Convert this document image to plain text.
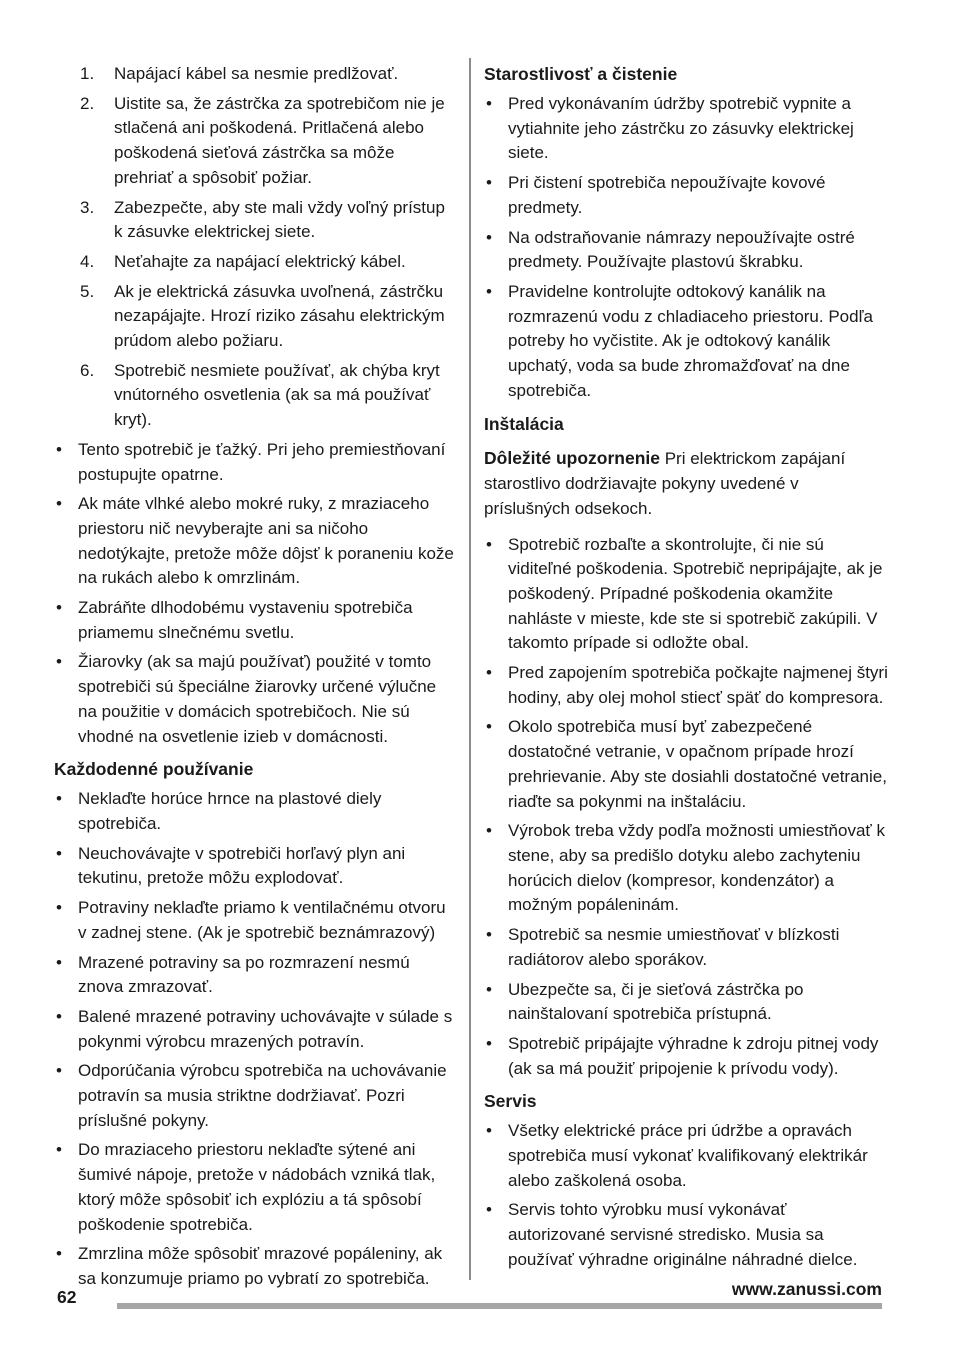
1. Napájací kábel sa nesmie predlžovať.
2. Uistite sa, že zástrčka za spotrebičom nie je stlačená ani poškodená. Pritlačená alebo poškodená sieťová zástrčka sa môže prehriať a spôsobiť požiar.
3. Zabezpečte, aby ste mali vždy voľný prístup k zásuvke elektrickej siete.
4. Neťahajte za napájací elektrický kábel.
5. Ak je elektrická zásuvka uvoľnená, zástrčku nezapájajte. Hrozí riziko zásahu elektrickým prúdom alebo požiaru.
6. Spotrebič nesmiete používať, ak chýba kryt vnútorného osvetlenia (ak sa má používať kryt).
• Tento spotrebič je ťažký. Pri jeho premiestňovaní postupujte opatrne.
• Ak máte vlhké alebo mokré ruky, z mraziaceho priestoru nič nevyberajte ani sa ničoho nedotýkajte, pretože môže dôjsť k poraneniu kože na rukách alebo k omrzlinám.
• Zabráňte dlhodobému vystaveniu spotrebiča priamemu slnečnému svetlu.
• Žiarovky (ak sa majú používať) použité v tomto spotrebiči sú špeciálne žiarovky určené výlučne na použitie v domácich spotrebičoch. Nie sú vhodné na osvetlenie izieb v domácnosti.
Každodenné používanie
• Neklaďte horúce hrnce na plastové diely spotrebiča.
• Neuchovávajte v spotrebiči horľavý plyn ani tekutinu, pretože môžu explodovať.
• Potraviny neklaďte priamo k ventilačnému otvoru v zadnej stene. (Ak je spotrebič beznámrazový)
• Mrazené potraviny sa po rozmrazení nesmú znova zmrazovať.
• Balené mrazené potraviny uchovávajte v súlade s pokynmi výrobcu mrazených potravín.
• Odporúčania výrobcu spotrebiča na uchovávanie potravín sa musia striktne dodržiavať. Pozri príslušné pokyny.
• Do mraziaceho priestoru neklaďte sýtené ani šumivé nápoje, pretože v nádobách vzniká tlak, ktorý môže spôsobiť ich explóziu a tá spôsobí poškodenie spotrebiča.
• Zmrzlina môže spôsobiť mrazové popáleniny, ak sa konzumuje priamo po vybratí zo spotrebiča.
Starostlivosť a čistenie
• Pred vykonávaním údržby spotrebič vypnite a vytiahnite jeho zástrčku zo zásuvky elektrickej siete.
• Pri čistení spotrebiča nepoužívajte kovové predmety.
• Na odstraňovanie námrazy nepoužívajte ostré predmety. Používajte plastovú škrabku.
• Pravidelne kontrolujte odtokový kanálik na rozmrazenú vodu z chladiaceho priestoru. Podľa potreby ho vyčistite. Ak je odtokový kanálik upchatý, voda sa bude zhromažďovať na dne spotrebiča.
Inštalácia

Dôležité upozornenie Pri elektrickom zapájaní starostlivo dodržiavajte pokyny uvedené v príslušných odsekoch.

• Spotrebič rozbaľte a skontrolujte, či nie sú viditeľné poškodenia. Spotrebič nepripájajte, ak je poškodený. Prípadné poškodenia okamžite nahláste v mieste, kde ste si spotrebič zakúpili. V takomto prípade si odložte obal.
• Pred zapojením spotrebiča počkajte najmenej štyri hodiny, aby olej mohol stiecť späť do kompresora.
• Okolo spotrebiča musí byť zabezpečené dostatočné vetranie, v opačnom prípade hrozí prehrievanie. Aby ste dosiahli dostatočné vetranie, riaďte sa pokynmi na inštaláciu.
• Výrobok treba vždy podľa možnosti umiestňovať k stene, aby sa predišlo dotyku alebo zachyteniu horúcich dielov (kompresor, kondenzátor) a možným popáleninám.
• Spotrebič sa nesmie umiestňovať v blízkosti radiátorov alebo sporákov.
• Ubezpečte sa, či je sieťová zástrčka po nainštalovaní spotrebiča prístupná.
• Spotrebič pripájajte výhradne k zdroju pitnej vody (ak sa má použiť pripojenie k prívodu vody).
Servis
• Všetky elektrické práce pri údržbe a opravách spotrebiča musí vykonať kvalifikovaný elektrikár alebo zaškolená osoba.
• Servis tohto výrobku musí vykonávať autorizované servisné stredisko. Musia sa používať výhradne originálne náhradné dielce.
62	www.zanussi.com
